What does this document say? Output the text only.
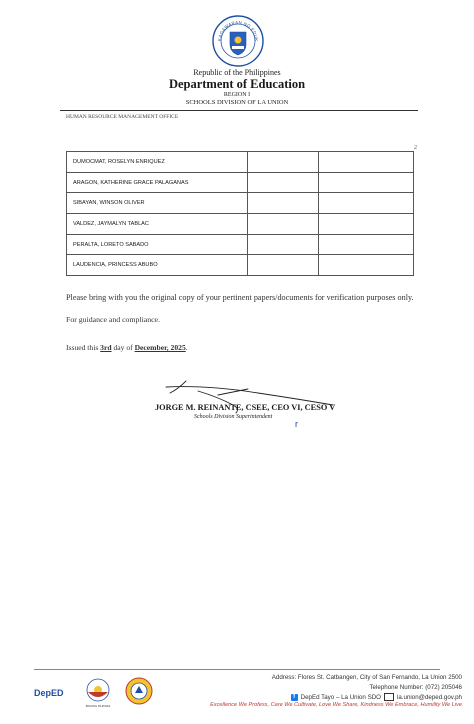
KAGAWARAN NG EDUK
Republic of the Philippines
Department of Education
REGION I
SCHOOLS DIVISION OF LA UNION
HUMAN RESOURCE MANAGEMENT OFFICE
2
DUMOCMAT, ROSELYN ENRIQUEZ		
ARAGON, KATHERINE GRACE PALAGANAS		
SIBAYAN, WINSON OLIVER		
VALDEZ, JAYMALYN TABLAC		
PERALTA, LORETO SABADO		
LAUDENCIA, PRINCESS ABUBO		
Please bring with you the original copy of your pertinent papers/documents for verification purposes only.
For guidance and compliance.
Issued this 3rd day of December, 2025.
JORGE M. REINANTE, CSEE, CEO VI, CESO V
Schools Division Superintendent
r
DepED
BAGONG PILIPINAS
Address: Flores St. Catbangen, City of San Fernando, La Union 2500
Telephone Number: (072) 205046
f DepEd Tayo – La Union SDO	la.union@deped.gov.ph
Excellence We Profess, Care We Cultivate, Love We Share, Kindness We Embrace, Humility We Live
